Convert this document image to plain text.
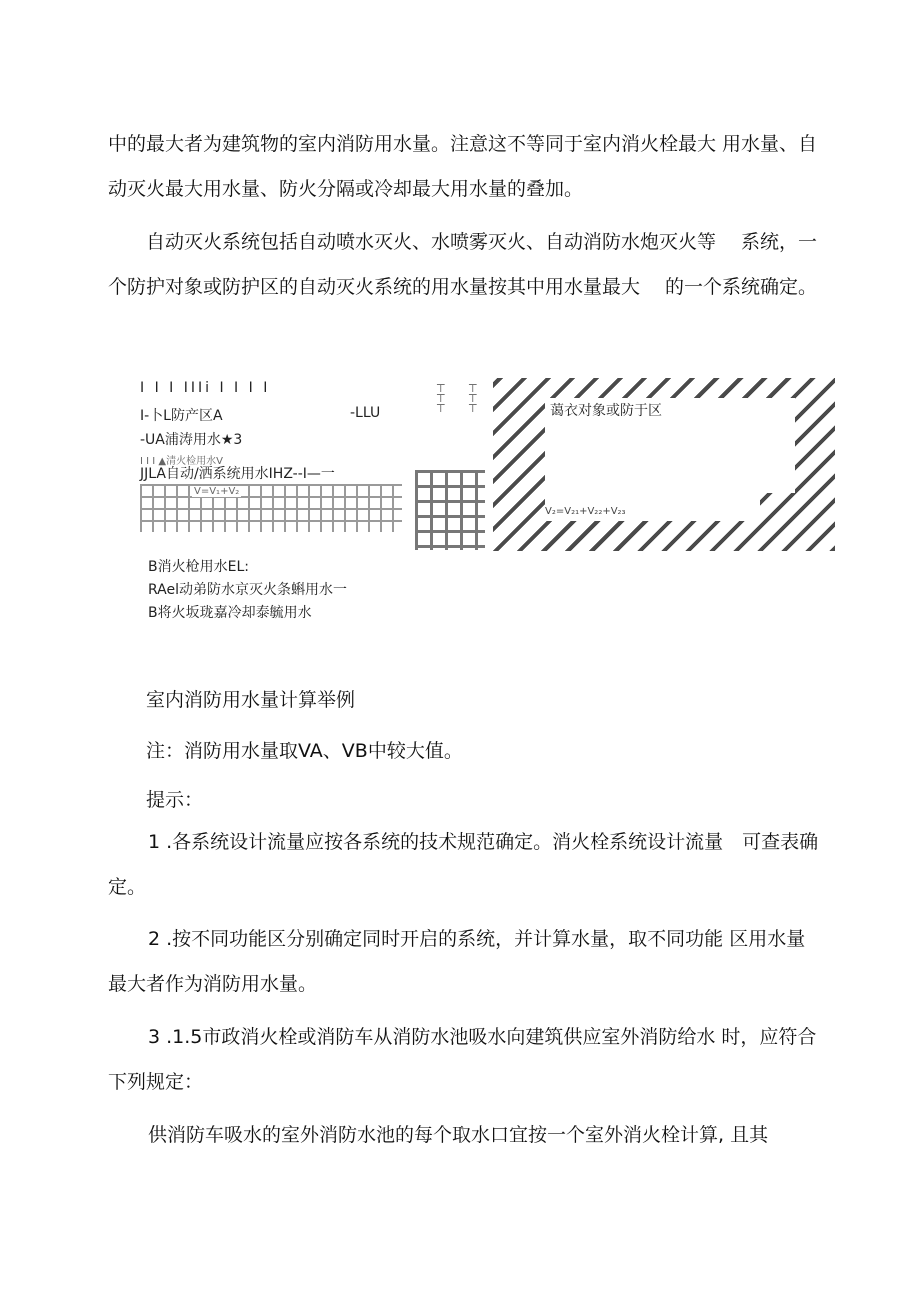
中的最大者为建筑物的室内消防用水量。注意这不等同于室内消火栓最大 用水量、自动灭火最大用水量、防火分隔或冷却最大用水量的叠加。

自动灭火系统包括自动喷水灭火、水喷雾灭火、自动消防水炮灭火等　 系统，一个防护对象或防护区的自动灭火系统的用水量按其中用水量最大　 的一个系统确定。

I I I IIIi I I I I
I-卜L防产区A	-LLU
-UA浦涛用水★3
I I I ▲清火检用水V
JJLA自动/洒系统用水IHZ--I—一
V=V₁+V₂
⊤
⊤
⊤
⊤
⊤
⊤	蔼衣对象或防于区
V₂=V₂₁+V₂₂+V₂₃
B消火枪用水EL:
RAel动弟防水京灭火条蝌用水一
B将火坂珑嘉冷却泰毓用水
室内消防用水量计算举例
注：消防用水量取VA、VB中较大值。
提示：

1 .各系统设计流量应按各系统的技术规范确定。消火栓系统设计流量　可查表确定。

2 .按不同功能区分别确定同时开启的系统，并计算水量，取不同功能 区用水量最大者作为消防用水量。

3 .1.5市政消火栓或消防车从消防水池吸水向建筑供应室外消防给水 时，应符合下列规定：

供消防车吸水的室外消防水池的每个取水口宜按一个室外消火栓计算, 且其
